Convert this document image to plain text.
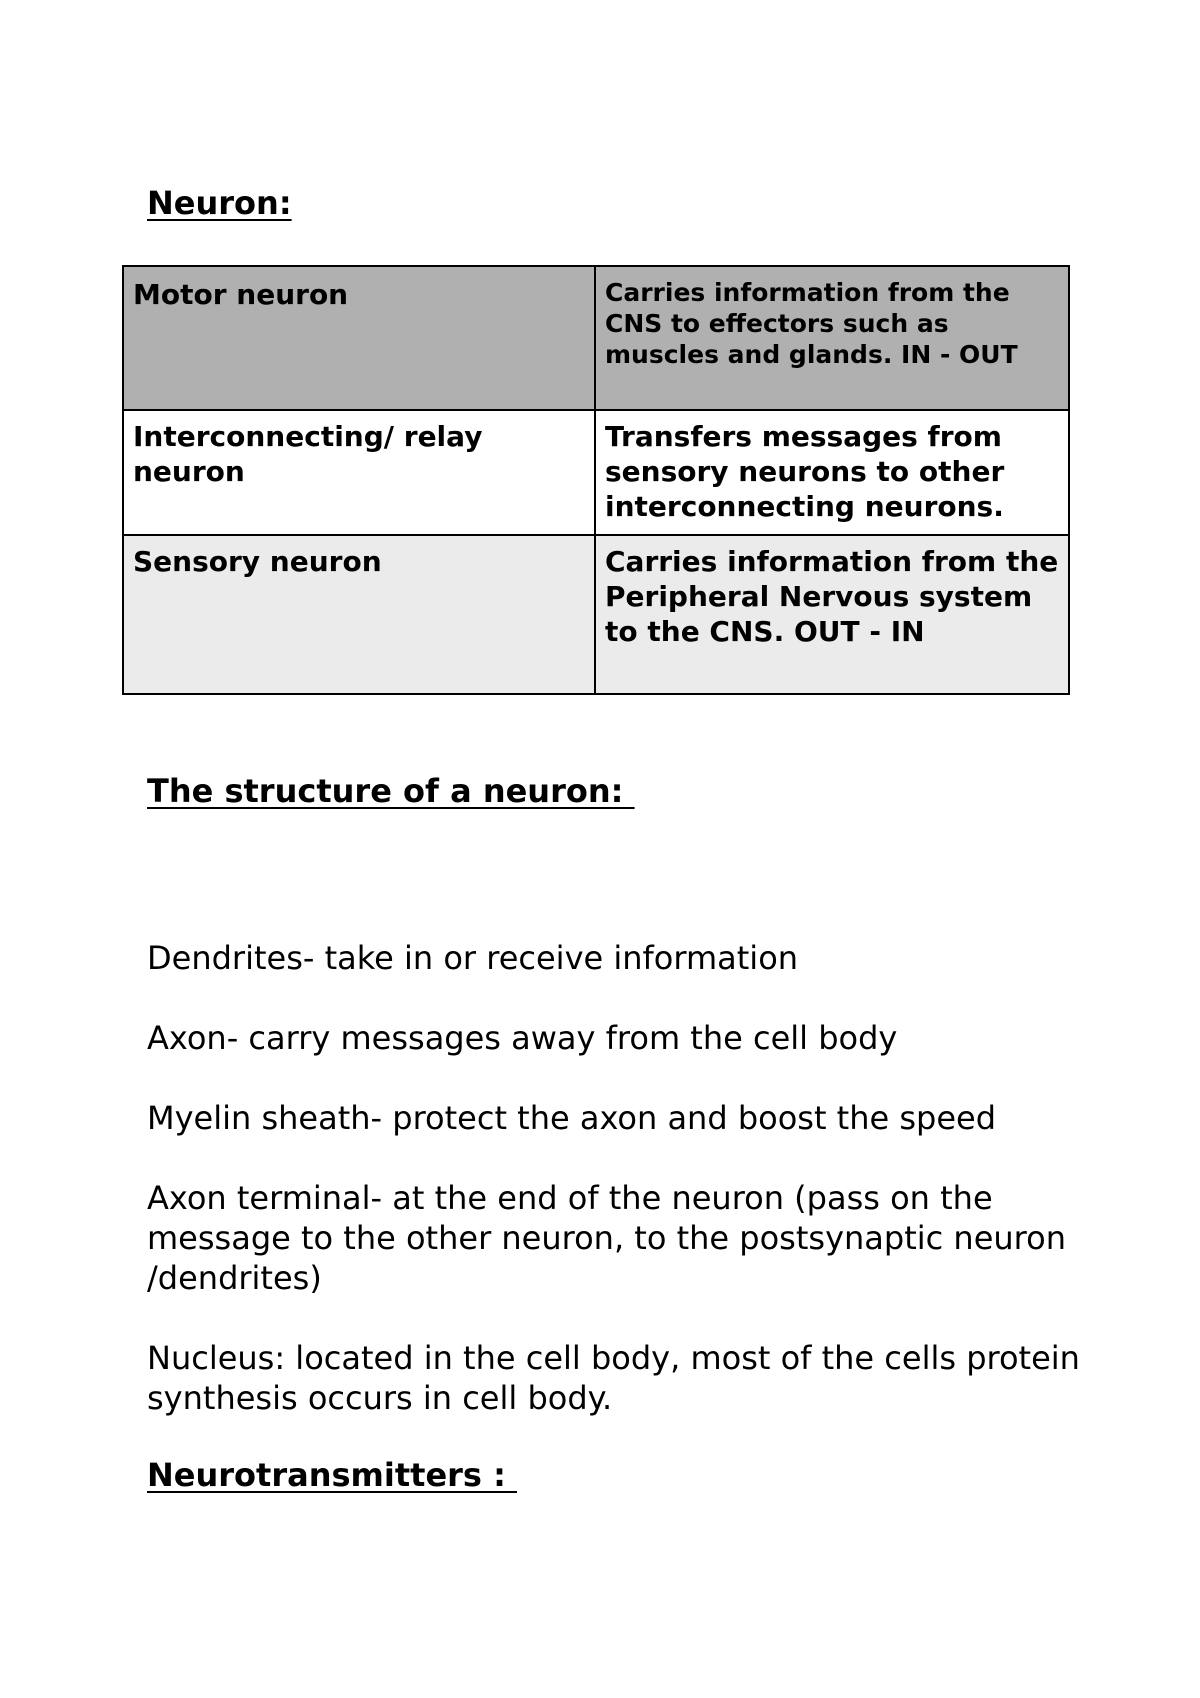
Neuron:
Motor neuron	Carries information from the CNS to effectors such as muscles and glands. IN - OUT
Interconnecting/ relay neuron	Transfers messages from sensory neurons to other interconnecting neurons.
Sensory neuron	Carries information from the Peripheral Nervous system to the CNS. OUT - IN
The structure of a neuron:

Dendrites- take in or receive information

Axon- carry messages away from the cell body

Myelin sheath- protect the axon and boost the speed

Axon terminal- at the end of the neuron (pass on the message to the other neuron, to the postsynaptic neuron /dendrites)

Nucleus: located in the cell body, most of the cells protein synthesis occurs in cell body.

Neurotransmitters :
